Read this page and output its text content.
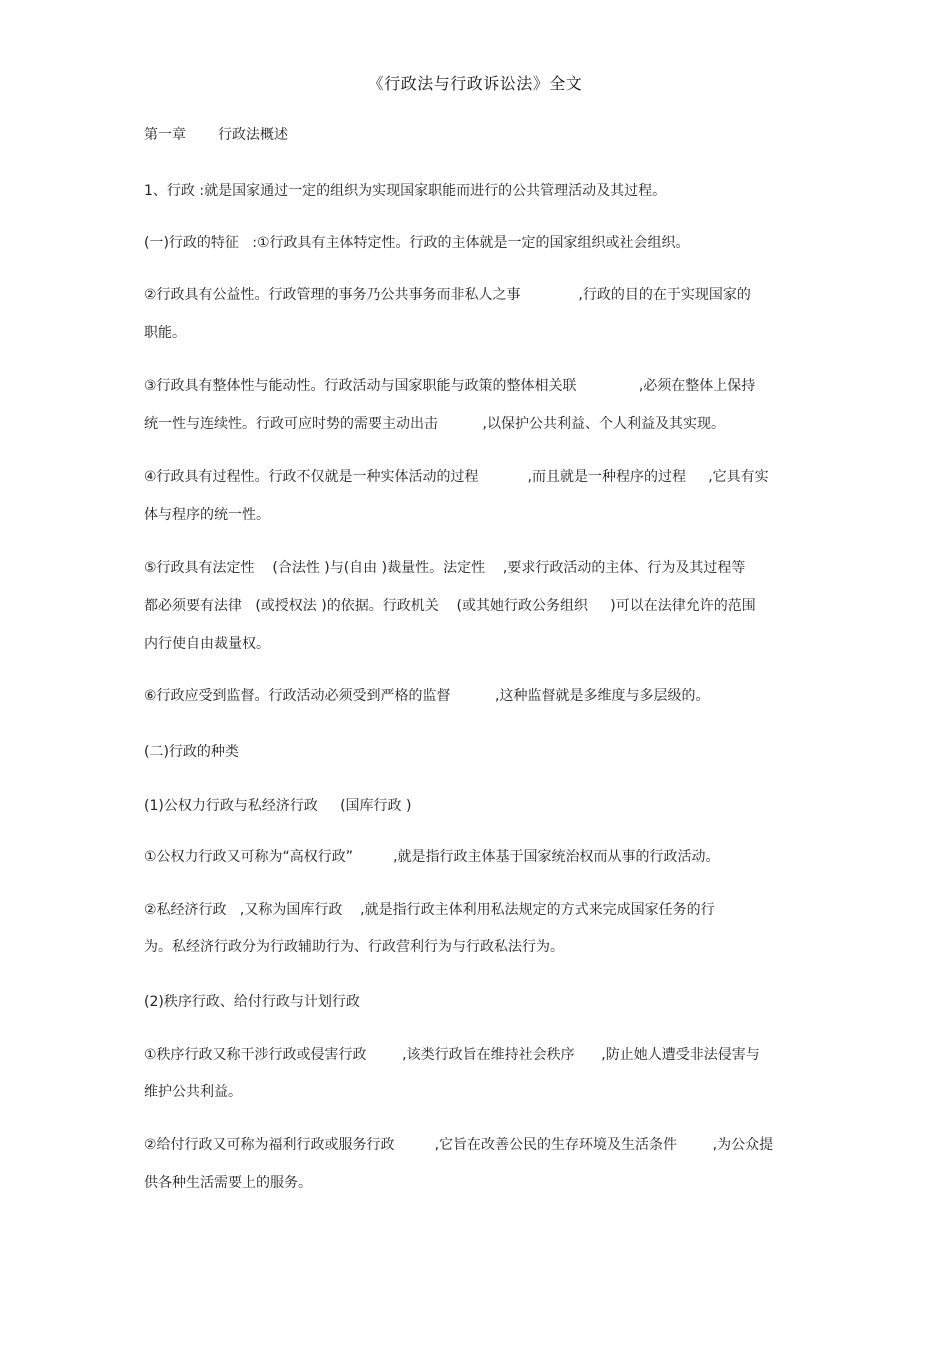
《行政法与行政诉讼法》全文
第一章 行政法概述
1、行政 :就是国家通过一定的组织为实现国家职能而进行的公共管理活动及其过程。
(一)行政的特征   :①行政具有主体特定性。行政的主体就是一定的国家组织或社会组织。
②行政具有公益性。行政管理的事务乃公共事务而非私人之事             ,行政的目的在于实现国家的
职能。
③行政具有整体性与能动性。行政活动与国家职能与政策的整体相关联              ,必须在整体上保持
统一性与连续性。行政可应时势的需要主动出击          ,以保护公共利益、个人利益及其实现。
④行政具有过程性。行政不仅就是一种实体活动的过程           ,而且就是一种程序的过程     ,它具有实
体与程序的统一性。
⑤行政具有法定性    (合法性 )与(自由 )裁量性。法定性    ,要求行政活动的主体、行为及其过程等
都必须要有法律   (或授权法 )的依据。行政机关    (或其她行政公务组织     )可以在法律允许的范围
内行使自由裁量权。
⑥行政应受到监督。行政活动必须受到严格的监督          ,这种监督就是多维度与多层级的。
(二)行政的种类
(1)公权力行政与私经济行政     (国库行政 )
①公权力行政又可称为“高权行政”         ,就是指行政主体基于国家统治权而从事的行政活动。
②私经济行政   ,又称为国库行政    ,就是指行政主体利用私法规定的方式来完成国家任务的行
为。私经济行政分为行政辅助行为、行政营利行为与行政私法行为。
(2)秩序行政、给付行政与计划行政
①秩序行政又称干涉行政或侵害行政        ,该类行政旨在维持社会秩序      ,防止她人遭受非法侵害与
维护公共利益。
②给付行政又可称为福利行政或服务行政         ,它旨在改善公民的生存环境及生活条件        ,为公众提
供各种生活需要上的服务。
